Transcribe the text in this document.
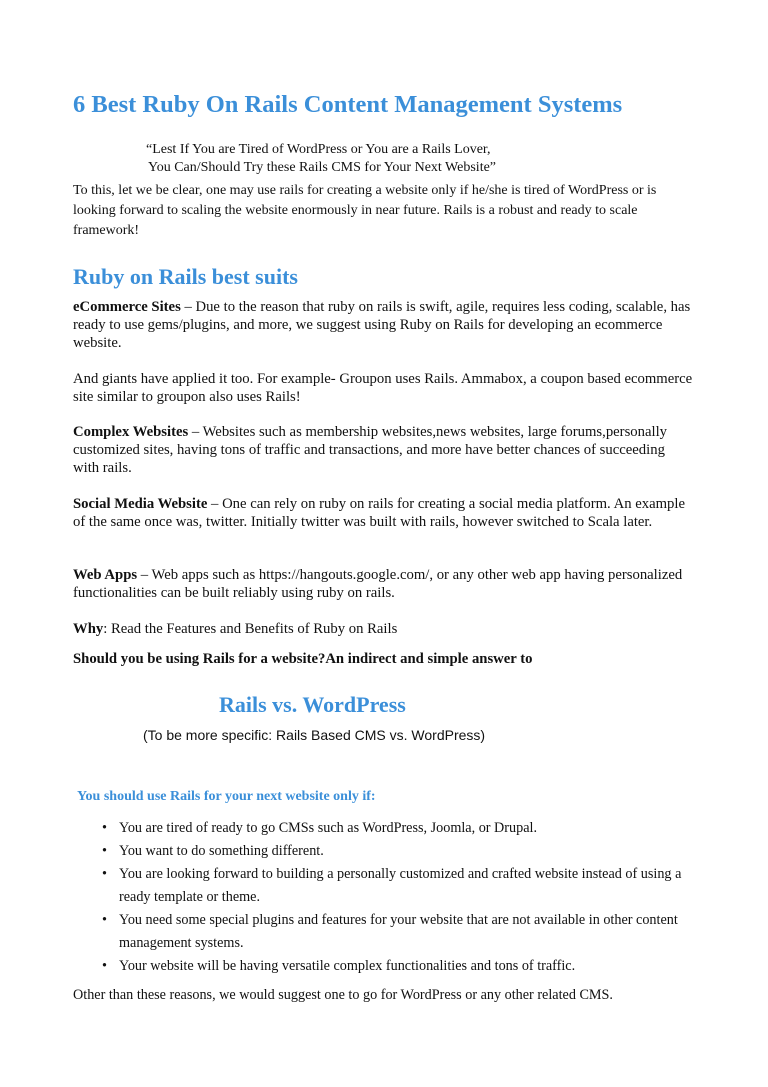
6 Best Ruby On Rails Content Management Systems
“Lest If You are Tired of WordPress or You are a Rails Lover,
You Can/Should Try these Rails CMS for Your Next Website”

To this, let we be clear, one may use rails for creating a website only if he/she is tired of WordPress or is looking forward to scaling the website enormously in near future. Rails is a robust and ready to scale framework!

Ruby on Rails best suits

eCommerce Sites – Due to the reason that ruby on rails is swift, agile, requires less coding, scalable, has ready to use gems/plugins, and more, we suggest using Ruby on Rails for developing an ecommerce website.

And giants have applied it too. For example- Groupon uses Rails. Ammabox, a coupon based ecommerce site similar to groupon also uses Rails!

Complex Websites – Websites such as membership websites,news websites, large forums,personally customized sites, having tons of traffic and transactions, and more have better chances of succeeding with rails.

Social Media Website – One can rely on ruby on rails for creating a social media platform. An example of the same once was, twitter. Initially twitter was built with rails, however switched to Scala later.

Web Apps – Web apps such as https://hangouts.google.com/, or any other web app having personalized functionalities can be built reliably using ruby on rails.

Why: Read the Features and Benefits of Ruby on Rails

Should you be using Rails for a website?An indirect and simple answer to

Rails vs. WordPress

(To be more specific: Rails Based CMS vs. WordPress)

You should use Rails for your next website only if:

• You are tired of ready to go CMSs such as WordPress, Joomla, or Drupal.
• You want to do something different.
• You are looking forward to building a personally customized and crafted website instead of using a ready template or theme.
• You need some special plugins and features for your website that are not available in other content management systems.
• Your website will be having versatile complex functionalities and tons of traffic.

Other than these reasons, we would suggest one to go for WordPress or any other related CMS.
